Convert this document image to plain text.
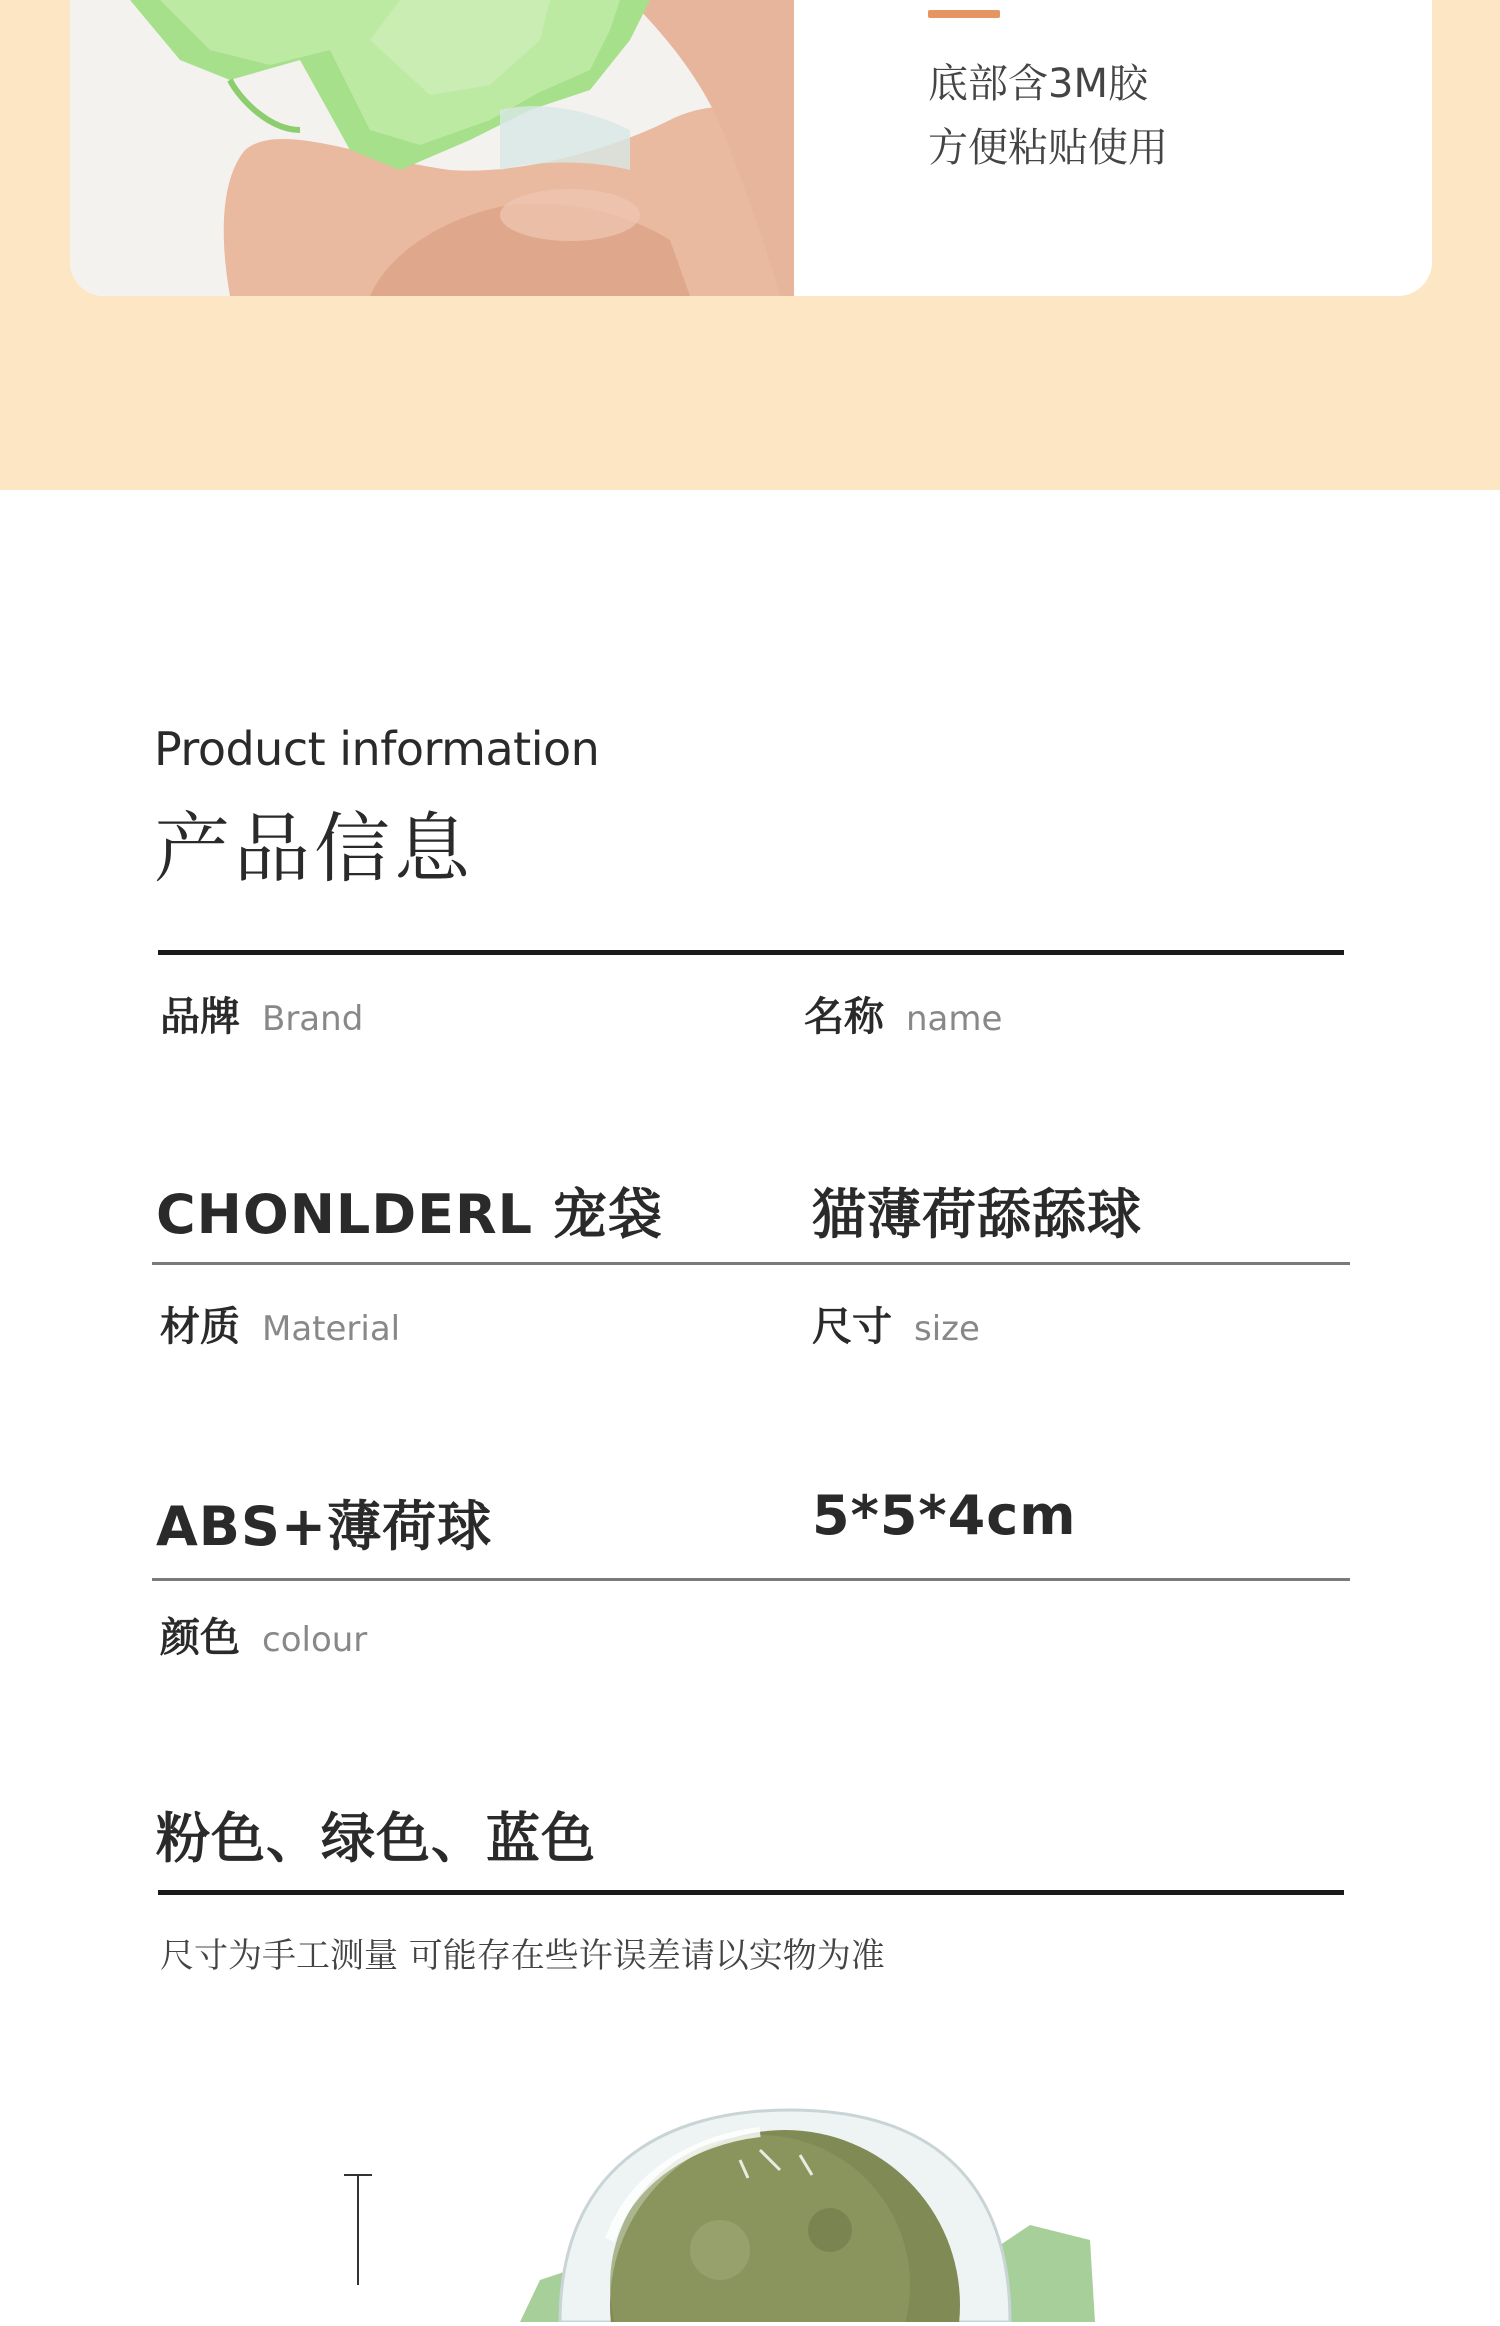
底部含3M胶
方便粘贴使用
Product information
产品信息
品牌 Brand	名称 name
CHONLDERL 宠袋	猫薄荷舔舔球
材质 Material	尺寸 size
ABS+薄荷球	5*5*4cm
颜色 colour
粉色、绿色、蓝色
尺寸为手工测量 可能存在些许误差请以实物为准
